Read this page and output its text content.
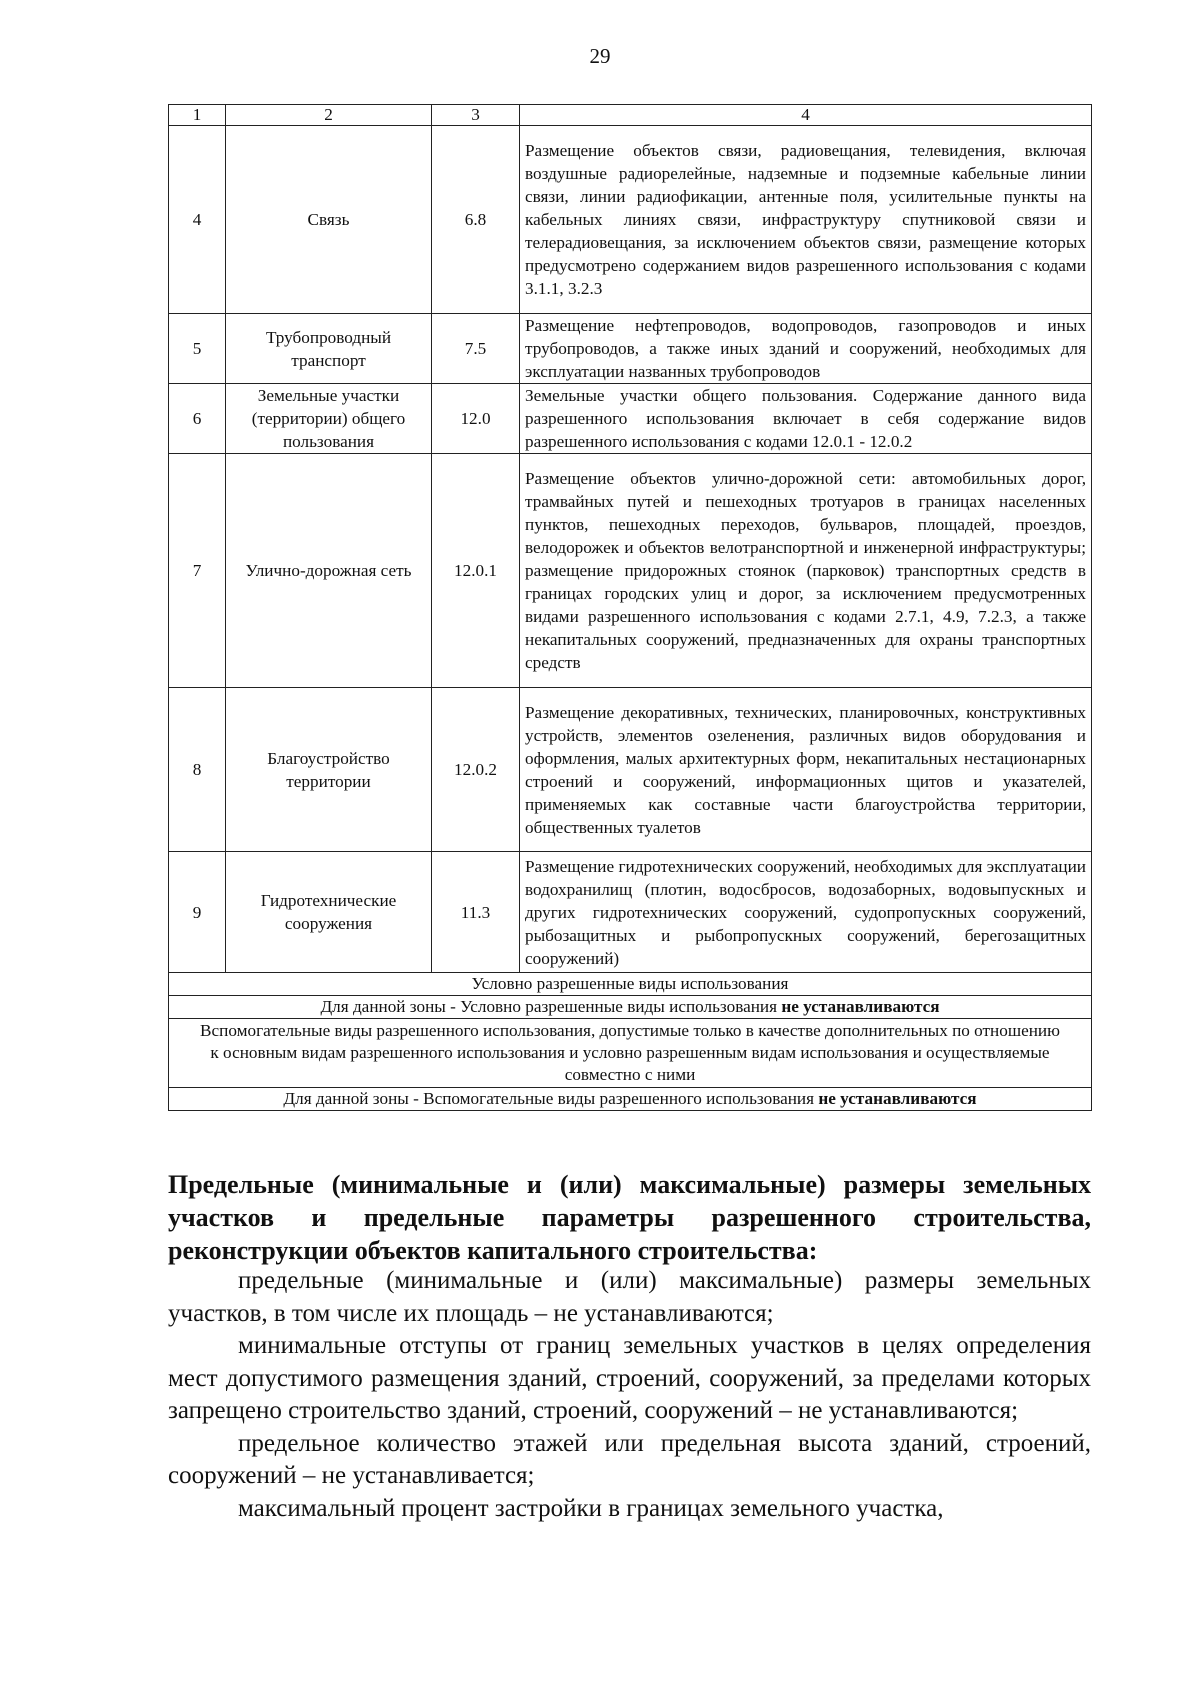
29
1	2	3	4
4	Связь	6.8	Размещение объектов связи, радиовещания, телевидения, включая воздушные радиорелейные, надземные и подземные кабельные линии связи, линии радиофикации, антенные поля, усилительные пункты на кабельных линиях связи, инфраструктуру спутниковой связи и телерадиовещания, за исключением объектов связи, размещение которых предусмотрено содержанием видов разрешенного использования с кодами 3.1.1, 3.2.3
5	Трубопроводный транспорт	7.5	Размещение нефтепроводов, водопроводов, газопроводов и иных трубопроводов, а также иных зданий и сооружений, необходимых для эксплуатации названных трубопроводов
6	Земельные участки (территории) общего пользования	12.0	Земельные участки общего пользования. Содержание данного вида разрешенного использования включает в себя содержание видов разрешенного использования с кодами 12.0.1 - 12.0.2
7	Улично-дорожная сеть	12.0.1	Размещение объектов улично-дорожной сети: автомобильных дорог, трамвайных путей и пешеходных тротуаров в границах населенных пунктов, пешеходных переходов, бульваров, площадей, проездов, велодорожек и объектов велотранспортной и инженерной инфраструктуры; размещение придорожных стоянок (парковок) транспортных средств в границах городских улиц и дорог, за исключением предусмотренных видами разрешенного использования с кодами 2.7.1, 4.9, 7.2.3, а также некапитальных сооружений, предназначенных для охраны транспортных средств
8	Благоустройство территории	12.0.2	Размещение декоративных, технических, планировочных, конструктивных устройств, элементов озеленения, различных видов оборудования и оформления, малых архитектурных форм, некапитальных нестационарных строений и сооружений, информационных щитов и указателей, применяемых как составные части благоустройства территории, общественных туалетов
9	Гидротехнические сооружения	11.3	Размещение гидротехнических сооружений, необходимых для эксплуатации водохранилищ (плотин, водосбросов, водозаборных, водовыпускных и других гидротехнических сооружений, судопропускных сооружений, рыбозащитных и рыбопропускных сооружений, берегозащитных сооружений)
Условно разрешенные виды использования			
Для данной зоны - Условно разрешенные виды использования не устанавливаются			
Вспомогательные виды разрешенного использования, допустимые только в качестве дополнительных по отношению к основным видам разрешенного использования и условно разрешенным видам использования и осуществляемые совместно с ними			
Для данной зоны - Вспомогательные виды разрешенного использования не устанавливаются			
Предельные (минимальные и (или) максимальные) размеры земельных участков и предельные параметры разрешенного строительства, реконструкции объектов капитального строительства:

предельные (минимальные и (или) максимальные) размеры земельных участков, в том числе их площадь – не устанавливаются;

минимальные отступы от границ земельных участков в целях определения мест допустимого размещения зданий, строений, сооружений, за пределами которых запрещено строительство зданий, строений, сооружений – не устанавливаются;

предельное количество этажей или предельная высота зданий, строений, сооружений – не устанавливается;

максимальный процент застройки в границах земельного участка,
